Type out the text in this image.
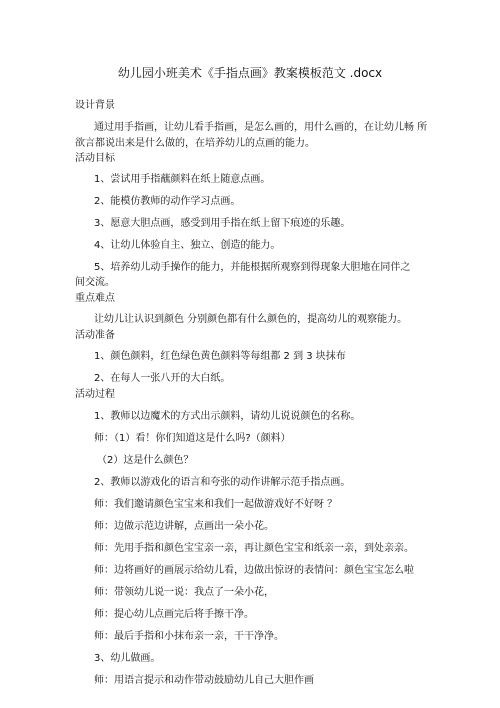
幼儿园小班美术《手指点画》教案模板范文 .docx
设计背景
通过用手指画，让幼儿看手指画，是怎么画的，用什么画的，在让幼儿畅 所
欲言都说出来是什么做的，在培养幼儿的点画的能力。
活动目标
1、尝试用手指蘸颜料在纸上随意点画。
2、能模仿教师的动作学习点画。
3、愿意大胆点画，感受到用手指在纸上留下痕迹的乐趣。
4、让幼儿体验自主、独立、创造的能力。
5、培养幼儿动手操作的能力，并能根据所观察到得现象大胆地在同伴之
间交流。
重点难点
让幼儿让认识到颜色 分别颜色都有什么颜色的，提高幼儿的观察能力。
活动准备
1、颜色颜料，红色绿色黄色颜料等每组都 2 到 3 块抹布
2、在每人一张八开的大白纸。
活动过程
1、教师以边魔术的方式出示颜料，请幼儿说说颜色的名称。
师：（1）看！你们知道这是什么吗?（颜料）
（2）这是什么颜色？
2、教师以游戏化的语言和夸张的动作讲解示范手指点画。
师：我们邀请颜色宝宝来和我们一起做游戏好不好呀 ？
师：边做示范边讲解，点画出一朵小花。
师：先用手指和颜色宝宝亲一亲，再让颜色宝宝和纸亲一亲，到处亲亲。
师：边将画好的画展示给幼儿看，边做出惊讶的表情问：颜色宝宝怎么啦
师：带领幼儿说一说：我点了一朵小花，
师：提心幼儿点画完后将手擦干净。
师：最后手指和小抹布亲一亲，干干净净。
3、幼儿做画。
师：用语言提示和动作带动鼓励幼儿自己大胆作画
